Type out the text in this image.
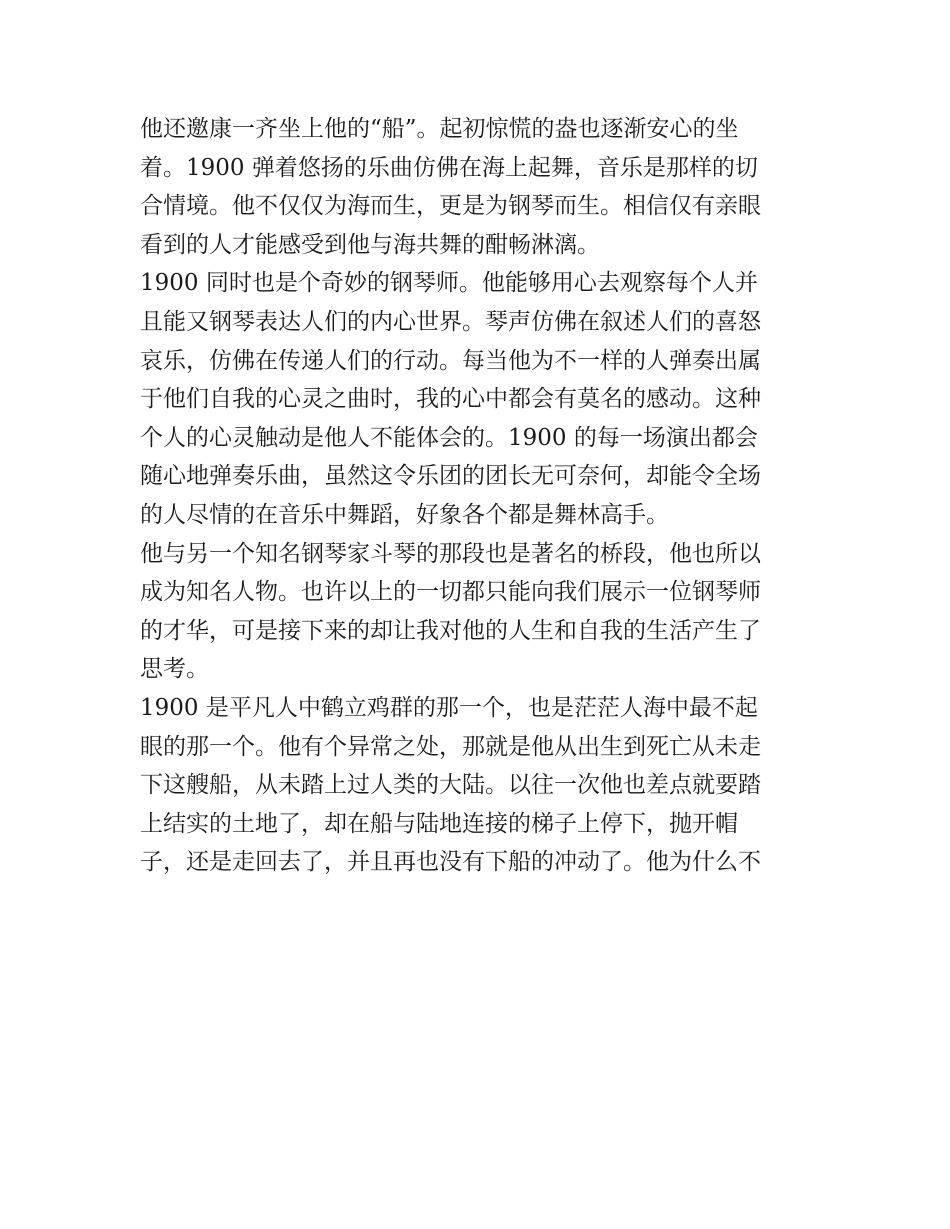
他还邀康一齐坐上他的“船”。起初惊慌的盎也逐渐安心的坐
着。1900 弹着悠扬的乐曲仿佛在海上起舞，音乐是那样的切
合情境。他不仅仅为海而生，更是为钢琴而生。相信仅有亲眼
看到的人才能感受到他与海共舞的酣畅淋漓。
1900 同时也是个奇妙的钢琴师。他能够用心去观察每个人并
且能又钢琴表达人们的内心世界。琴声仿佛在叙述人们的喜怒
哀乐，仿佛在传递人们的行动。每当他为不一样的人弹奏出属
于他们自我的心灵之曲时，我的心中都会有莫名的感动。这种
个人的心灵触动是他人不能体会的。1900 的每一场演出都会
随心地弹奏乐曲，虽然这令乐团的团长无可奈何，却能令全场
的人尽情的在音乐中舞蹈，好象各个都是舞林高手。
他与另一个知名钢琴家斗琴的那段也是著名的桥段，他也所以
成为知名人物。也许以上的一切都只能向我们展示一位钢琴师
的才华，可是接下来的却让我对他的人生和自我的生活产生了
思考。
1900 是平凡人中鹤立鸡群的那一个，也是茫茫人海中最不起
眼的那一个。他有个异常之处，那就是他从出生到死亡从未走
下这艘船，从未踏上过人类的大陆。以往一次他也差点就要踏
上结实的土地了，却在船与陆地连接的梯子上停下，抛开帽
子，还是走回去了，并且再也没有下船的冲动了。他为什么不
